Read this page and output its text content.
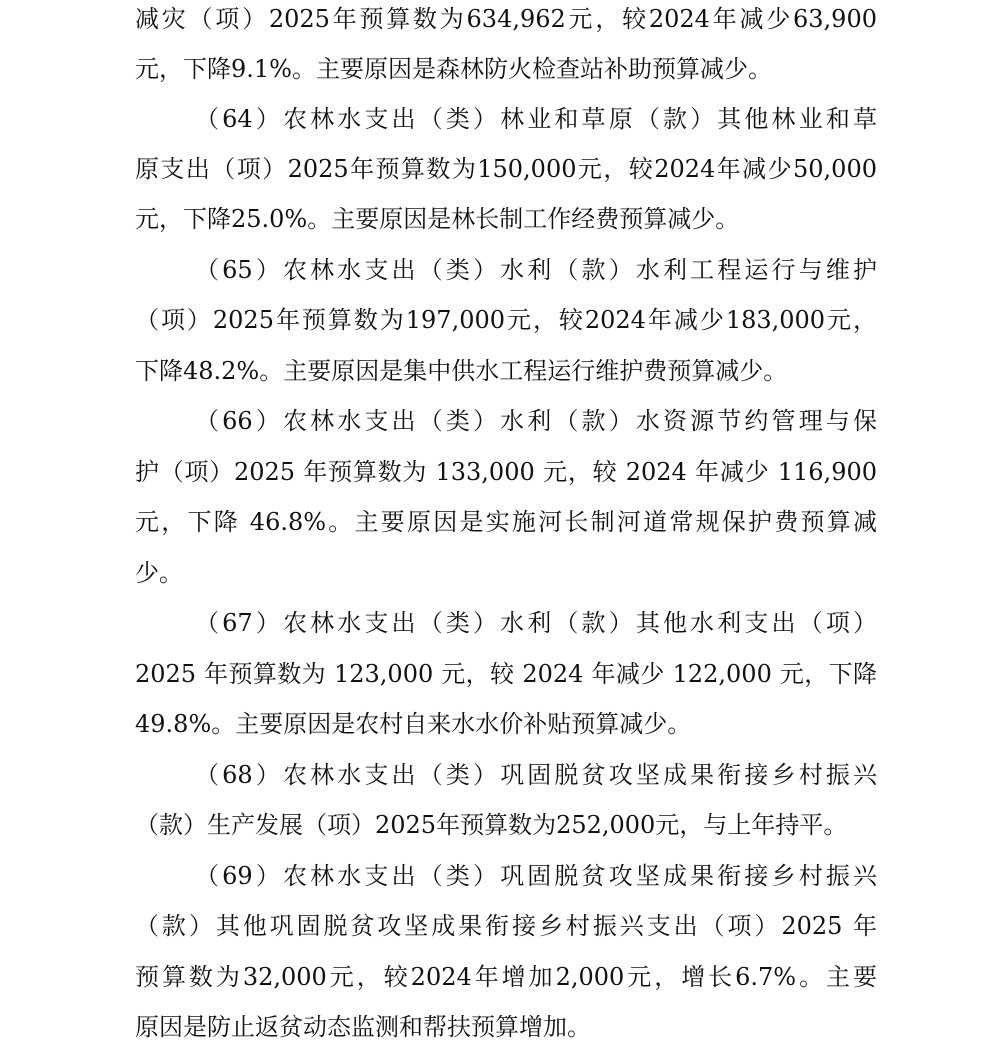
减灾（项）2025年预算数为634,962元，较2024年减少63,900
元，下降9.1%。主要原因是森林防火检查站补助预算减少。
（64）农林水支出（类）林业和草原（款）其他林业和草
原支出（项）2025年预算数为150,000元，较2024年减少50,000
元，下降25.0%。主要原因是林长制工作经费预算减少。
（65）农林水支出（类）水利（款）水利工程运行与维护
（项）2025年预算数为197,000元，较2024年减少183,000元，
下降48.2%。主要原因是集中供水工程运行维护费预算减少。
（66）农林水支出（类）水利（款）水资源节约管理与保
护（项）2025 年预算数为 133,000 元，较 2024 年减少 116,900
元，下降 46.8%。主要原因是实施河长制河道常规保护费预算减
少。
（67）农林水支出（类）水利（款）其他水利支出（项）
2025 年预算数为 123,000 元，较 2024 年减少 122,000 元，下降
49.8%。主要原因是农村自来水水价补贴预算减少。
（68）农林水支出（类）巩固脱贫攻坚成果衔接乡村振兴
（款）生产发展（项）2025年预算数为252,000元，与上年持平。
（69）农林水支出（类）巩固脱贫攻坚成果衔接乡村振兴
（款）其他巩固脱贫攻坚成果衔接乡村振兴支出（项）2025 年
预算数为32,000元，较2024年增加2,000元，增长6.7%。主要
原因是防止返贫动态监测和帮扶预算增加。
